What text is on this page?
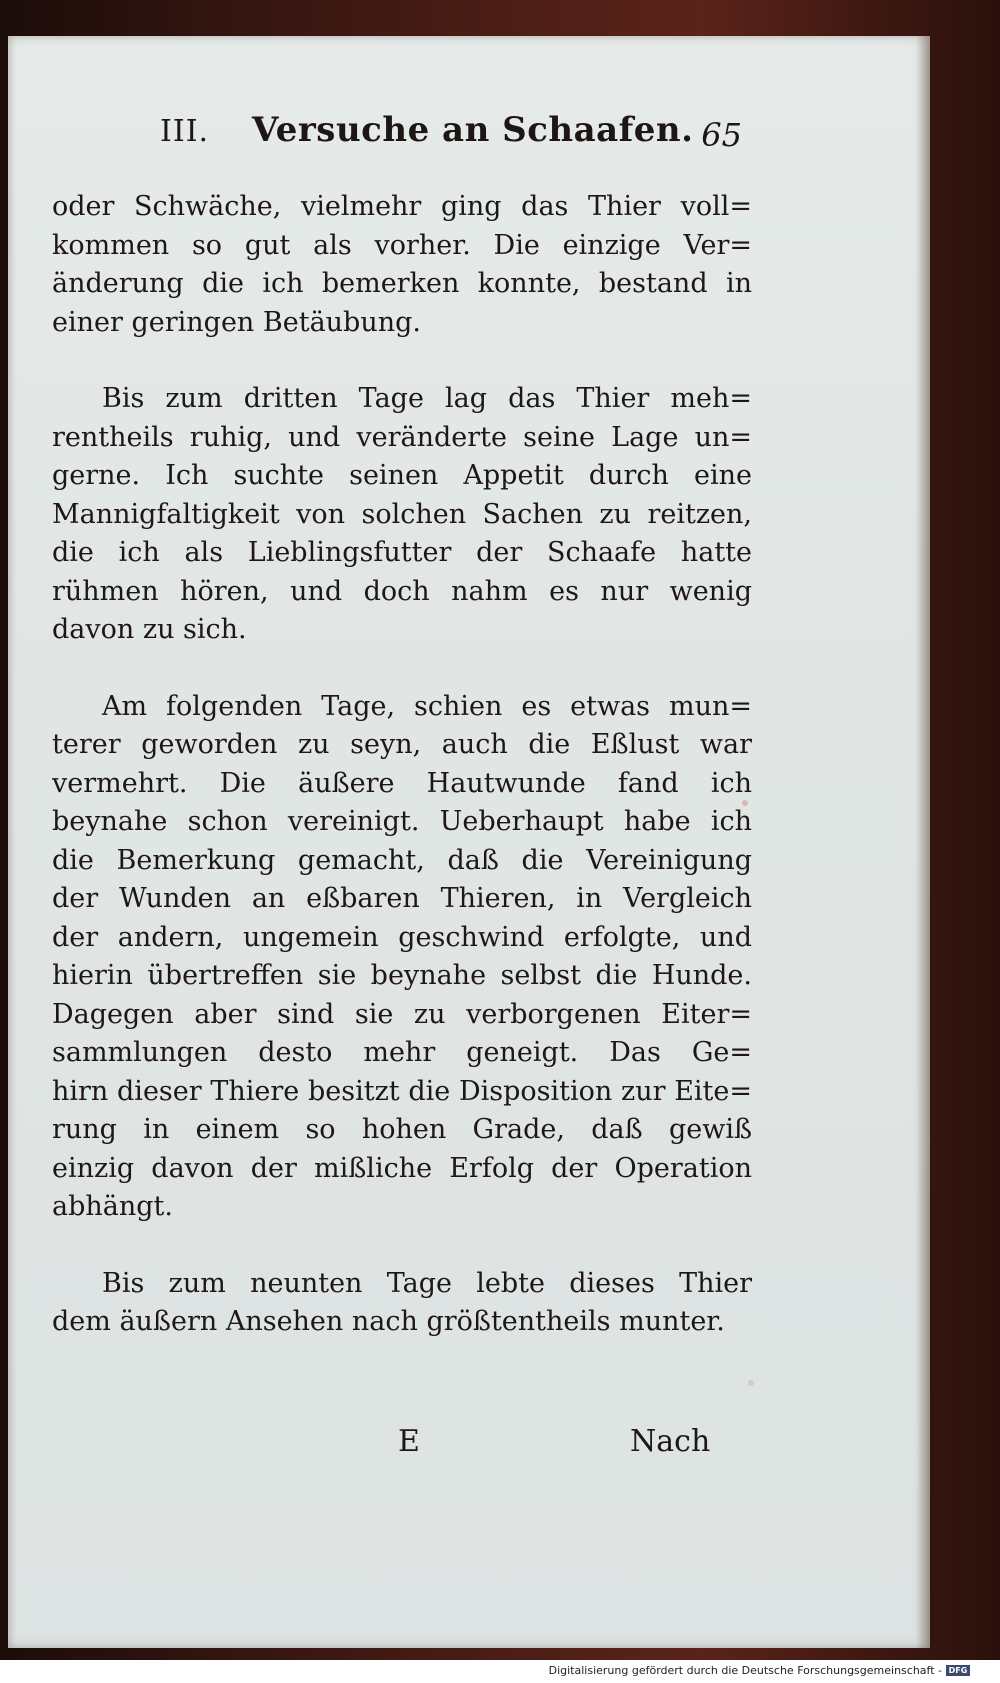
III. Versuche an Schaafen. 65

oder Schwäche, vielmehr ging das Thier voll=
kommen so gut als vorher. Die einzige Ver=
änderung die ich bemerken konnte, bestand in
einer geringen Betäubung.

Bis zum dritten Tage lag das Thier meh=
rentheils ruhig, und veränderte seine Lage un=
gerne. Ich suchte seinen Appetit durch eine
Mannigfaltigkeit von solchen Sachen zu reitzen,
die ich als Lieblingsfutter der Schaafe hatte
rühmen hören, und doch nahm es nur wenig
davon zu sich.

Am folgenden Tage, schien es etwas mun=
terer geworden zu seyn, auch die Eßlust war
vermehrt. Die äußere Hautwunde fand ich
beynahe schon vereinigt. Ueberhaupt habe ich
die Bemerkung gemacht, daß die Vereinigung
der Wunden an eßbaren Thieren, in Vergleich
der andern, ungemein geschwind erfolgte, und
hierin übertreffen sie beynahe selbst die Hunde.
Dagegen aber sind sie zu verborgenen Eiter=
sammlungen desto mehr geneigt. Das Ge=
hirn dieser Thiere besitzt die Disposition zur Eite=
rung in einem so hohen Grade, daß gewiß
einzig davon der mißliche Erfolg der Operation
abhängt.

Bis zum neunten Tage lebte dieses Thier
dem äußern Ansehen nach größtentheils munter.

E	Nach
Digitalisierung gefördert durch die Deutsche Forschungsgemeinschaft - DFG
